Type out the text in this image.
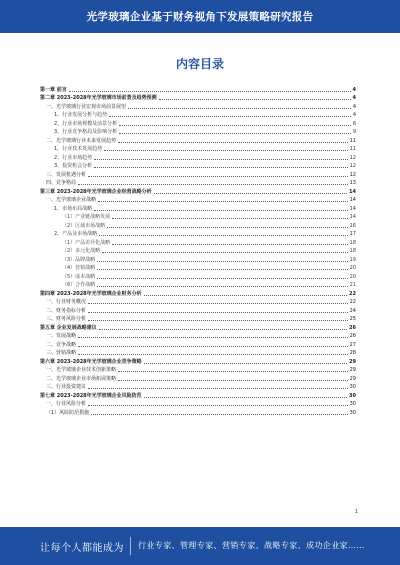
光学玻璃企业基于财务视角下发展策略研究报告
内容目录
第一章 前言	4
第二章 2023-2028年光学玻璃市场前景及趋势预测	4
一、光学玻璃行业宏观市场前景展望	4
1、行业发展分析与趋势	4
2、行业市场规模及前景分析	6
3、行业竞争格局及影响分析	9
二、光学玻璃行业未来发展趋势	11
1、行业技术发展趋势	11
2、行业市场趋势	12
3、投资机会分析	12
三、发展机遇分析	12
四、竞争格局	13
第三章 2023-2028年光学玻璃企业经营战略分析	14
一、光学玻璃企业战略	14
1、市场布局战略	14
（1）产业链战略发展	14
（2）区域市场战略	16
2、产品及市场战略	17
（1）产品差异化战略	18
（2）多元化战略	18
（3）品牌战略	19
（4）营销战略	20
（5）成本战略	20
（6）合作战略	21
第四章 2023-2028年光学玻璃企业财务分析	22
一、行业财务概况	22
二、财务指标分析	24
三、财务风险分析	25
第五章 企业发展战略建议	26
一、发展战略	26
二、竞争战略	27
三、营销战略	28
第六章 2023-2028年光学玻璃企业竞争策略	29
一、光学玻璃企业技术创新策略	29
二、光学玻璃企业市场拓展策略	29
三、行业投资建议	30
第七章 2023-2028年光学玻璃企业风险防范	30
一、行业风险分析	30
（1）风险防范措施	30
1
让每个人都能成为 行业专家、管理专家、营销专家、战略专家、成功企业家……
